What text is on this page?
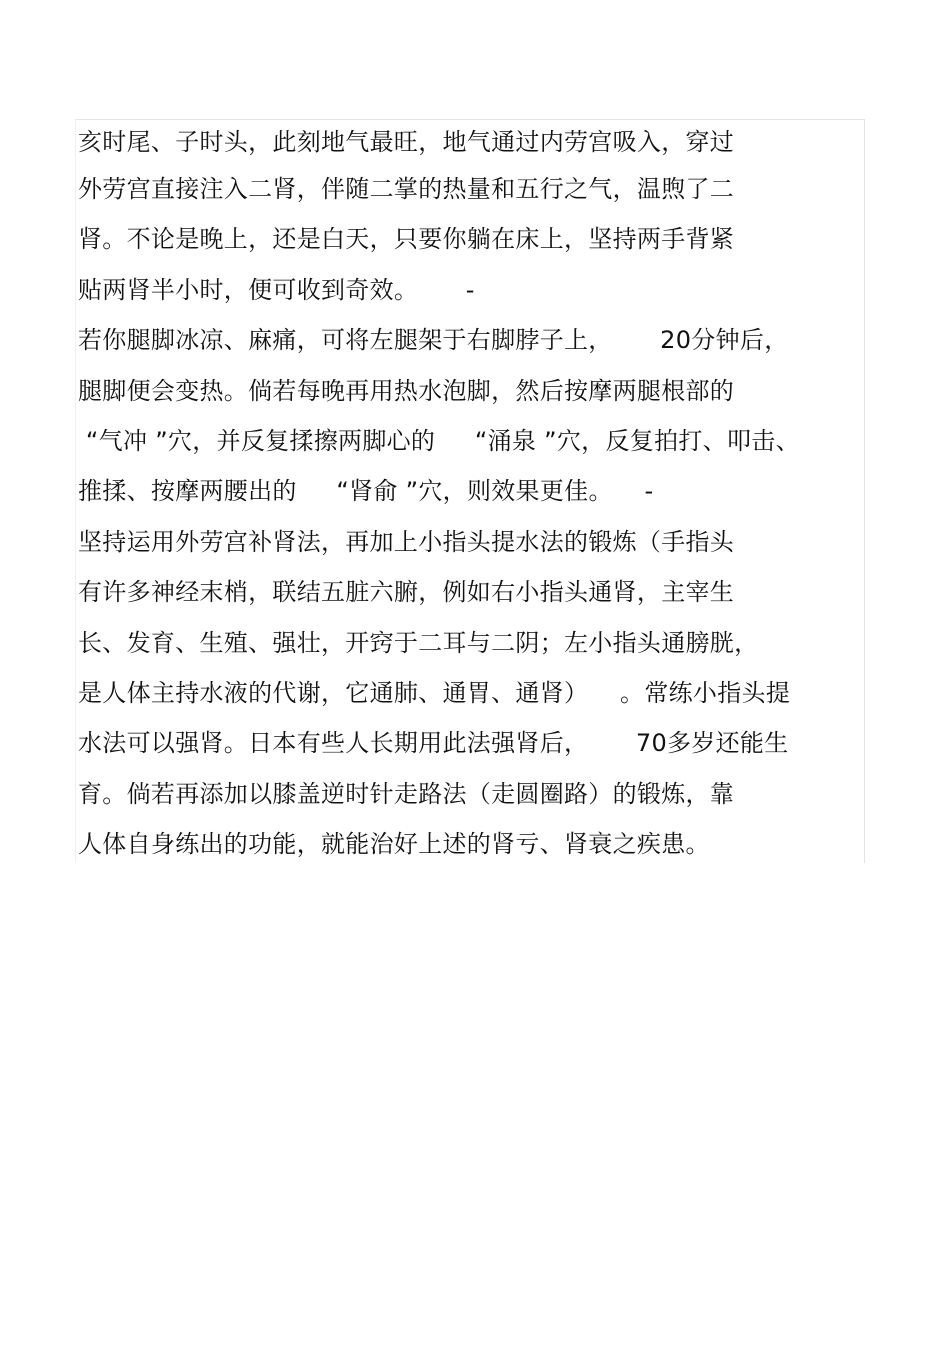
亥时尾、子时头，此刻地气最旺，地气通过内劳宫吸入，穿过
外劳宫直接注入二肾，伴随二掌的热量和五行之气，温煦了二
肾。不论是晚上，还是白天，只要你躺在床上，坚持两手背紧
贴两肾半小时，便可收到奇效。      -
若你腿脚冰凉、麻痛，可将左腿架于右脚脖子上，      20分钟后，
腿脚便会变热。倘若每晚再用热水泡脚，然后按摩两腿根部的
“气冲 ”穴，并反复揉擦两脚心的     “涌泉 ”穴，反复拍打、叩击、
推揉、按摩两腰出的     “肾俞 ”穴，则效果更佳。    -
坚持运用外劳宫补肾法，再加上小指头提水法的锻炼（手指头
有许多神经末梢，联结五脏六腑，例如右小指头通肾，主宰生
长、发育、生殖、强壮，开窍于二耳与二阴；左小指头通膀胱，
是人体主持水液的代谢，它通肺、通胃、通肾）    。常练小指头提
水法可以强肾。日本有些人长期用此法强肾后，      70多岁还能生
育。倘若再添加以膝盖逆时针走路法（走圆圈路）的锻炼，靠
人体自身练出的功能，就能治好上述的肾亏、肾衰之疾患。
